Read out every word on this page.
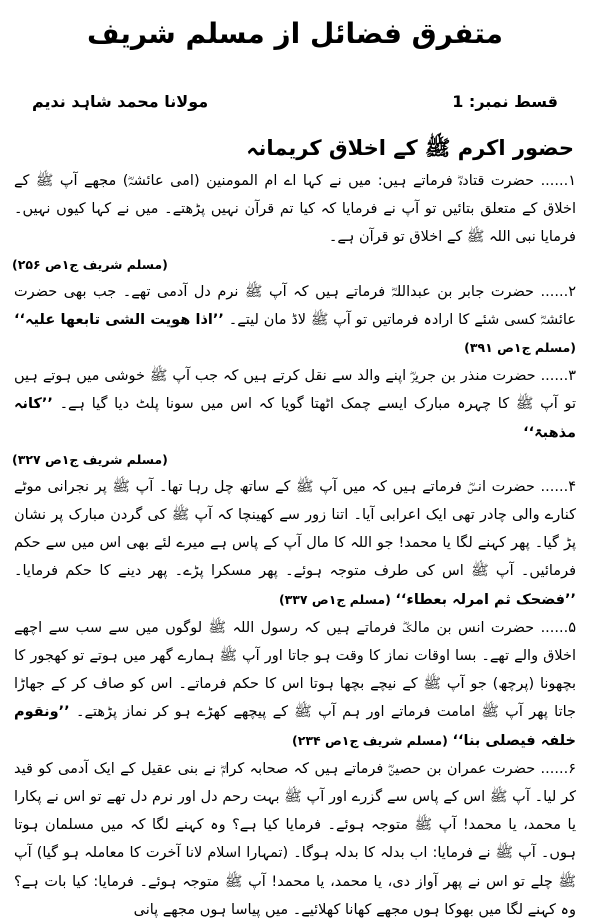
متفرق فضائل از مسلم شریف
قسط نمبر: 1
مولانا محمد شاہد ندیم
حضور اکرم ﷺ کے اخلاق کریمانہ

۱...... حضرت قتادہؓ فرماتے ہیں: میں نے کہا اے ام المومنین (امی عائشہؓ) مجھے آپ ﷺ کے اخلاق کے متعلق بتائیں تو آپ نے فرمایا کہ کیا تم قرآن نہیں پڑھتے۔ میں نے کہا کیوں نہیں۔ فرمایا نبی اللہ ﷺ کے اخلاق تو قرآن ہے۔

(مسلم شریف ج۱ص ۲۵۶)

۲...... حضرت جابر بن عبداللہؓ فرماتے ہیں کہ آپ ﷺ نرم دل آدمی تھے۔ جب بھی حضرت عائشہؓ کسی شئے کا ارادہ فرماتیں تو آپ ﷺ لاڈ مان لیتے۔ ’’اذا ھویت الشی تابعھا علیہ‘‘ (مسلم ج۱ص ۳۹۱)

۳...... حضرت منذر بن جریرؓ اپنے والد سے نقل کرتے ہیں کہ جب آپ ﷺ خوشی میں ہوتے ہیں تو آپ ﷺ کا چہرہ مبارک ایسے چمک اٹھتا گویا کہ اس میں سونا پلٹ دیا گیا ہے۔ ’’کانہ مذھبۃ‘‘

(مسلم شریف ج۱ص ۳۲۷)

۴...... حضرت انسؓ فرماتے ہیں کہ میں آپ ﷺ کے ساتھ چل رہا تھا۔ آپ ﷺ پر نجرانی موٹے کنارے والی چادر تھی ایک اعرابی آیا۔ اتنا زور سے کھینچا کہ آپ ﷺ کی گردن مبارک پر نشان پڑ گیا۔ پھر کہنے لگا یا محمد! جو اللہ کا مال آپ کے پاس ہے میرے لئے بھی اس میں سے حکم فرمائیں۔ آپ ﷺ اس کی طرف متوجہ ہوئے۔ پھر مسکرا پڑے۔ پھر دینے کا حکم فرمایا۔ ’’فضحک ثم امرلہ بعطاء‘‘ (مسلم ج۱ص ۳۳۷)

۵...... حضرت انس بن مالکؓ فرماتے ہیں کہ رسول اللہ ﷺ لوگوں میں سے سب سے اچھے اخلاق والے تھے۔ بسا اوقات نماز کا وقت ہو جاتا اور آپ ﷺ ہمارے گھر میں ہوتے تو کھجور کا بچھونا (پرچھ) جو آپ ﷺ کے نیچے بچھا ہوتا اس کا حکم فرماتے۔ اس کو صاف کر کے جھاڑا جاتا پھر آپ ﷺ امامت فرماتے اور ہم آپ ﷺ کے پیچھے کھڑے ہو کر نماز پڑھتے۔ ’’ونقوم خلفہ فیصلی بنا‘‘ (مسلم شریف ج۱ص ۲۳۴)

۶...... حضرت عمران بن حصینؓ فرماتے ہیں کہ صحابہ کرامؓ نے بنی عقیل کے ایک آدمی کو قید کر لیا۔ آپ ﷺ اس کے پاس سے گزرے اور آپ ﷺ بہت رحم دل اور نرم دل تھے تو اس نے پکارا یا محمد، یا محمد! آپ ﷺ متوجہ ہوئے۔ فرمایا کیا ہے؟ وہ کہنے لگا کہ میں مسلمان ہوتا ہوں۔ آپ ﷺ نے فرمایا: اب بدلہ کا بدلہ ہوگا۔ (تمہارا اسلام لانا آخرت کا معاملہ ہو گیا) آپ ﷺ چلے تو اس نے پھر آواز دی، یا محمد، یا محمد! آپ ﷺ متوجہ ہوئے۔ فرمایا: کیا بات ہے؟ وہ کہنے لگا میں بھوکا ہوں مجھے کھانا کھلائیے۔ میں پیاسا ہوں مجھے پانی
